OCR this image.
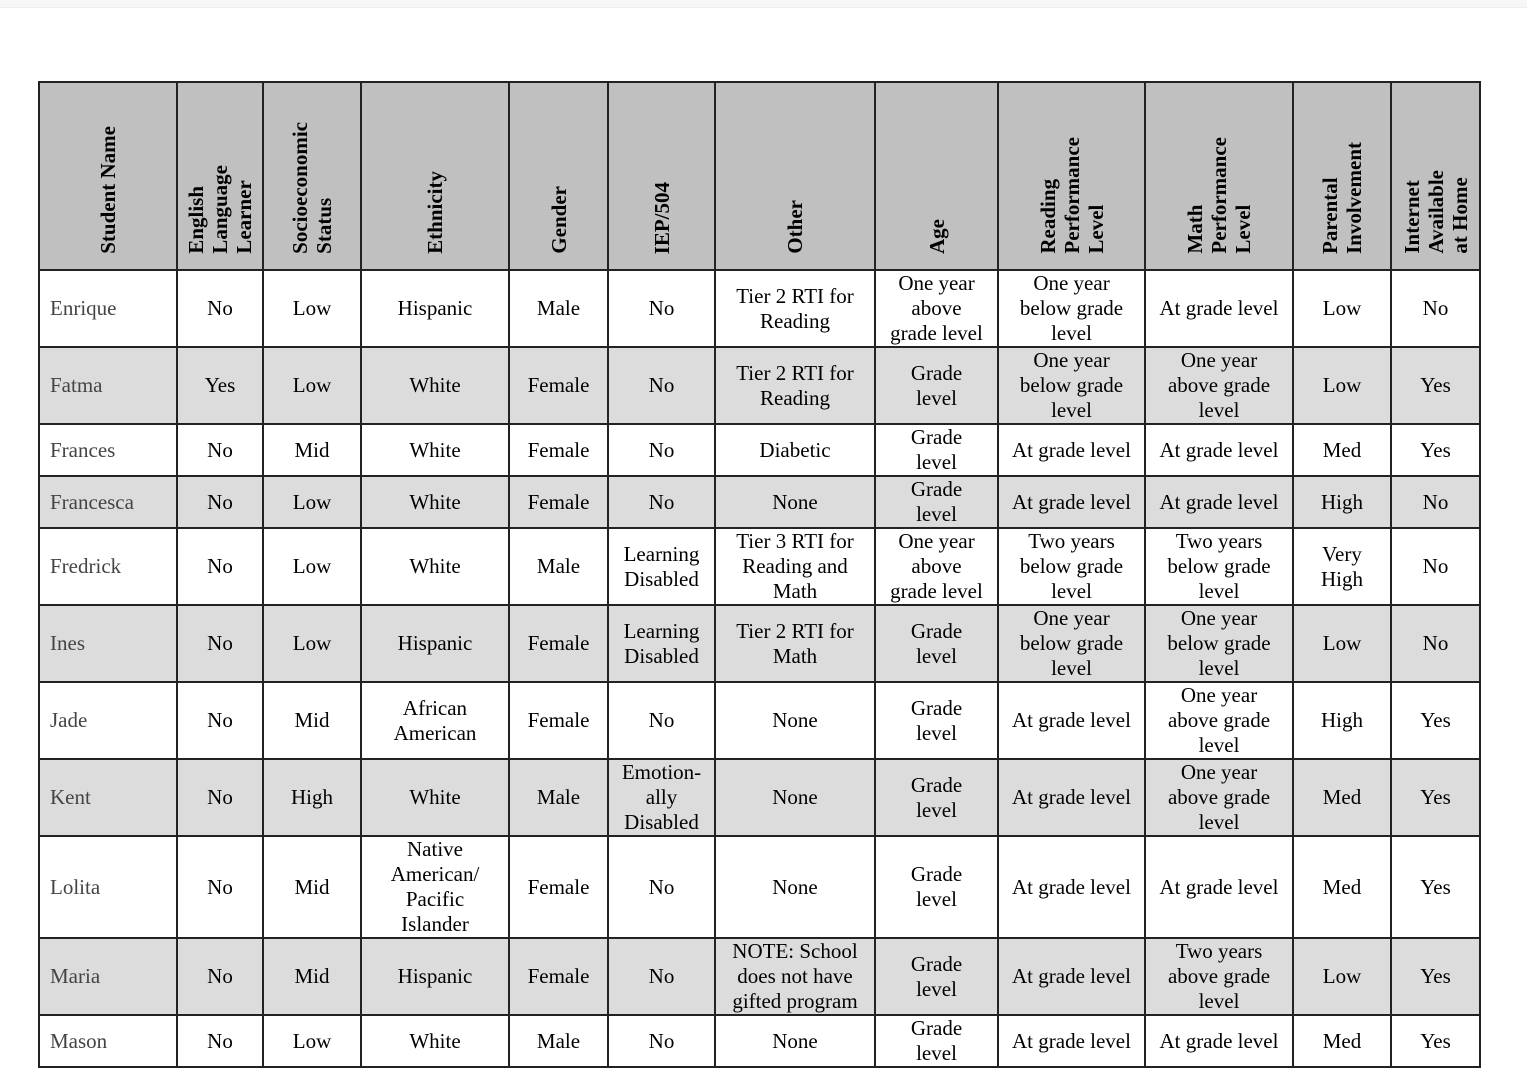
Student Name	English
Language
Learner	Socioeconomic
Status	Ethnicity	Gender	IEP/504	Other	Age	Reading
Performance
Level	Math
Performance
Level	Parental
Involvement	Internet
Available
at Home
Enrique	No	Low	Hispanic	Male	No	Tier 2 RTI for
Reading	One year
above
grade level	One year
below grade
level	At grade level	Low	No
Fatma	Yes	Low	White	Female	No	Tier 2 RTI for
Reading	Grade
level	One year
below grade
level	One year
above grade
level	Low	Yes
Frances	No	Mid	White	Female	No	Diabetic	Grade
level	At grade level	At grade level	Med	Yes
Francesca	No	Low	White	Female	No	None	Grade
level	At grade level	At grade level	High	No
Fredrick	No	Low	White	Male	Learning
Disabled	Tier 3 RTI for
Reading and
Math	One year
above
grade level	Two years
below grade
level	Two years
below grade
level	Very
High	No
Ines	No	Low	Hispanic	Female	Learning
Disabled	Tier 2 RTI for
Math	Grade
level	One year
below grade
level	One year
below grade
level	Low	No
Jade	No	Mid	African
American	Female	No	None	Grade
level	At grade level	One year
above grade
level	High	Yes
Kent	No	High	White	Male	Emotion-
ally
Disabled	None	Grade
level	At grade level	One year
above grade
level	Med	Yes
Lolita	No	Mid	Native
American/
Pacific
Islander	Female	No	None	Grade
level	At grade level	At grade level	Med	Yes
Maria	No	Mid	Hispanic	Female	No	NOTE: School
does not have
gifted program	Grade
level	At grade level	Two years
above grade
level	Low	Yes
Mason	No	Low	White	Male	No	None	Grade
level	At grade level	At grade level	Med	Yes
